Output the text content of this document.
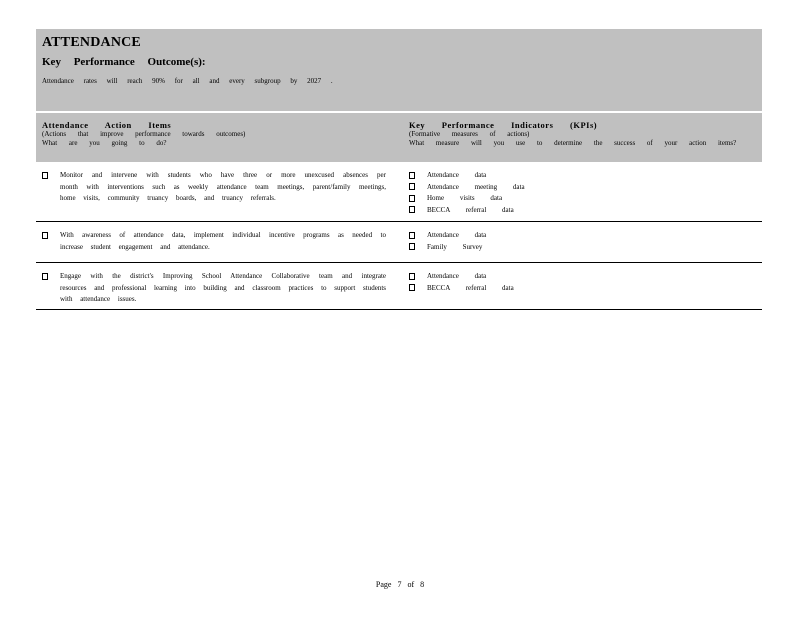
ATTENDANCE
Key Performance Outcome(s):
Attendance rates will reach 90% for all and every subgroup by 2027 .
Attendance Action Items
(Actions that improve performance towards outcomes)
What are you going to do?
Key Performance Indicators (KPIs)
(Formative measures of actions)
What measure will you use to determine the success of your action items?
Monitor and intervene with students who have three or more unexcused absences per month with interventions such as weekly attendance team meetings, parent/family meetings, home visits, community truancy boards, and truancy referrals.
Attendance data
Attendance meeting data
Home visits data
BECCA referral data
With awareness of attendance data, implement individual incentive programs as needed to increase student engagement and attendance.
Attendance data
Family Survey
Engage with the district's Improving School Attendance Collaborative team and integrate resources and professional learning into building and classroom practices to support students with attendance issues.
Attendance data
BECCA referral data
Page 7 of 8
